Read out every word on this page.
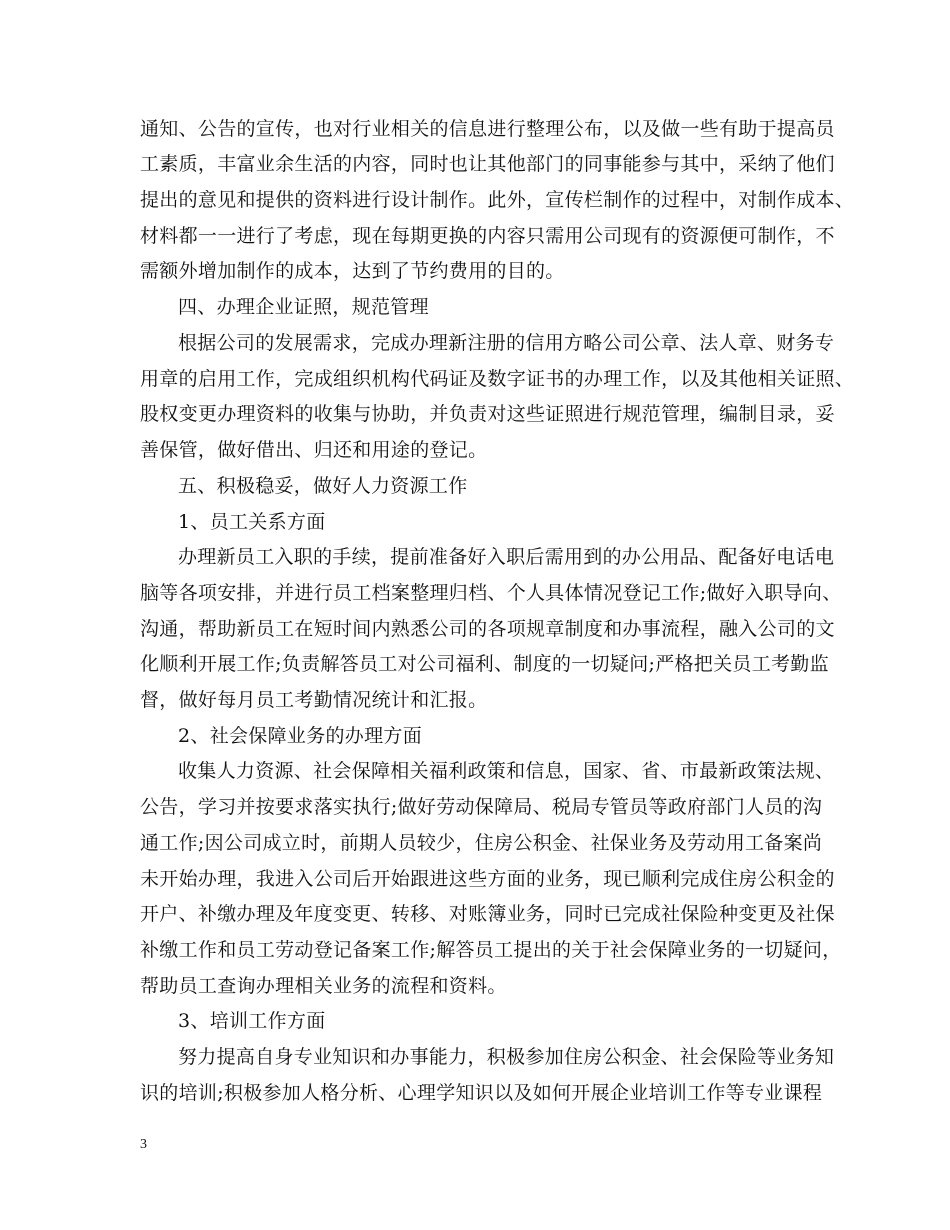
通知、公告的宣传，也对行业相关的信息进行整理公布，以及做一些有助于提高员
工素质，丰富业余生活的内容，同时也让其他部门的同事能参与其中，采纳了他们
提出的意见和提供的资料进行设计制作。此外，宣传栏制作的过程中，对制作成本、
材料都一一进行了考虑，现在每期更换的内容只需用公司现有的资源便可制作，不
需额外增加制作的成本，达到了节约费用的目的。
四、办理企业证照，规范管理
根据公司的发展需求，完成办理新注册的信用方略公司公章、法人章、财务专
用章的启用工作，完成组织机构代码证及数字证书的办理工作，以及其他相关证照、
股权变更办理资料的收集与协助，并负责对这些证照进行规范管理，编制目录，妥
善保管，做好借出、归还和用途的登记。
五、积极稳妥，做好人力资源工作
1、员工关系方面
办理新员工入职的手续，提前准备好入职后需用到的办公用品、配备好电话电
脑等各项安排，并进行员工档案整理归档、个人具体情况登记工作;做好入职导向、
沟通，帮助新员工在短时间内熟悉公司的各项规章制度和办事流程，融入公司的文
化顺利开展工作;负责解答员工对公司福利、制度的一切疑问;严格把关员工考勤监
督，做好每月员工考勤情况统计和汇报。
2、社会保障业务的办理方面
收集人力资源、社会保障相关福利政策和信息，国家、省、市最新政策法规、
公告，学习并按要求落实执行;做好劳动保障局、税局专管员等政府部门人员的沟
通工作;因公司成立时，前期人员较少，住房公积金、社保业务及劳动用工备案尚
未开始办理，我进入公司后开始跟进这些方面的业务，现已顺利完成住房公积金的
开户、补缴办理及年度变更、转移、对账簿业务，同时已完成社保险种变更及社保
补缴工作和员工劳动登记备案工作;解答员工提出的关于社会保障业务的一切疑问，
帮助员工查询办理相关业务的流程和资料。
3、培训工作方面
努力提高自身专业知识和办事能力，积极参加住房公积金、社会保险等业务知
识的培训;积极参加人格分析、心理学知识以及如何开展企业培训工作等专业课程
3
